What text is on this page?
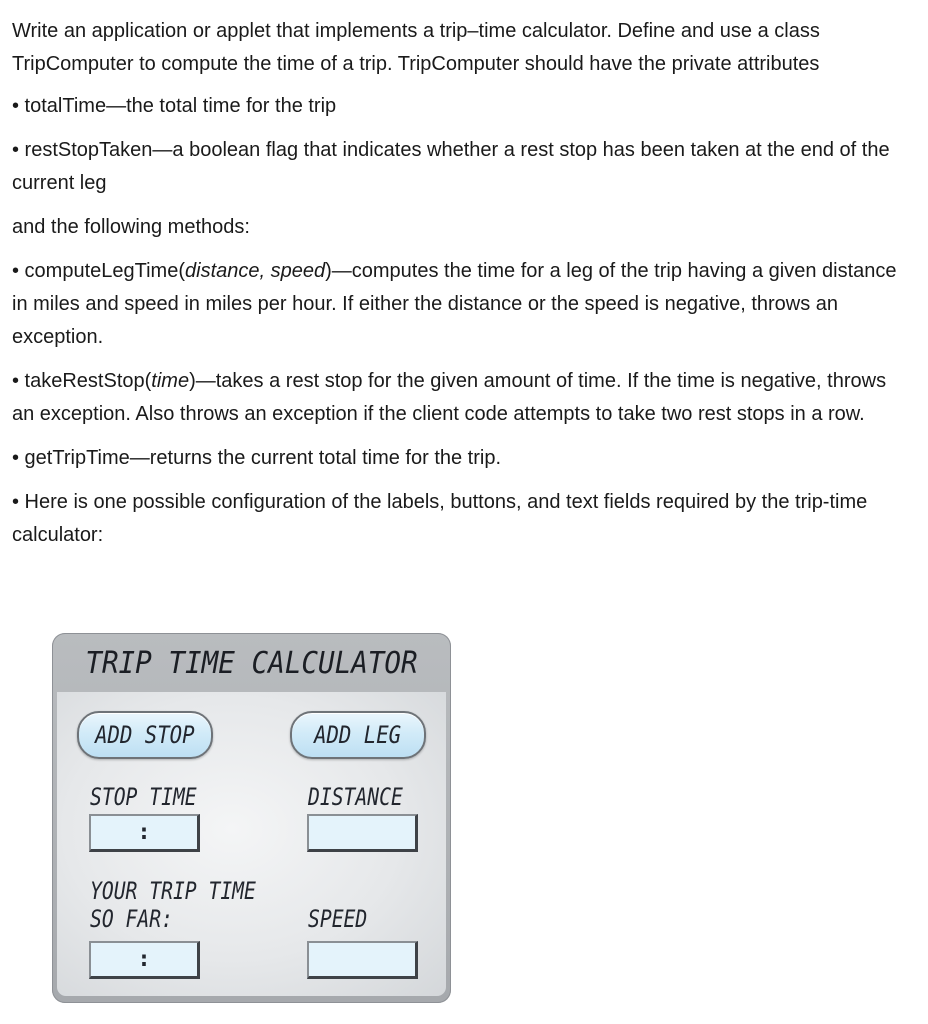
Write an application or applet that implements a trip–time calculator. Define and use a class TripComputer to compute the time of a trip. TripComputer should have the private attributes

• totalTime—the total time for the trip

• restStopTaken—a boolean flag that indicates whether a rest stop has been taken at the end of the current leg

and the following methods:

• computeLegTime(distance, speed)—computes the time for a leg of the trip having a given distance in miles and speed in miles per hour. If either the distance or the speed is negative, throws an exception.

• takeRestStop(time)—takes a rest stop for the given amount of time. If the time is negative, throws an exception. Also throws an exception if the client code attempts to take two rest stops in a row.

• getTripTime—returns the current total time for the trip.

• Here is one possible configuration of the labels, buttons, and text fields required by the trip-time calculator:

TRIP TIME CALCULATOR
ADD STOP	ADD LEG
STOP TIME	DISTANCE
:
YOUR TRIP TIME
SO FAR:	SPEED
:
